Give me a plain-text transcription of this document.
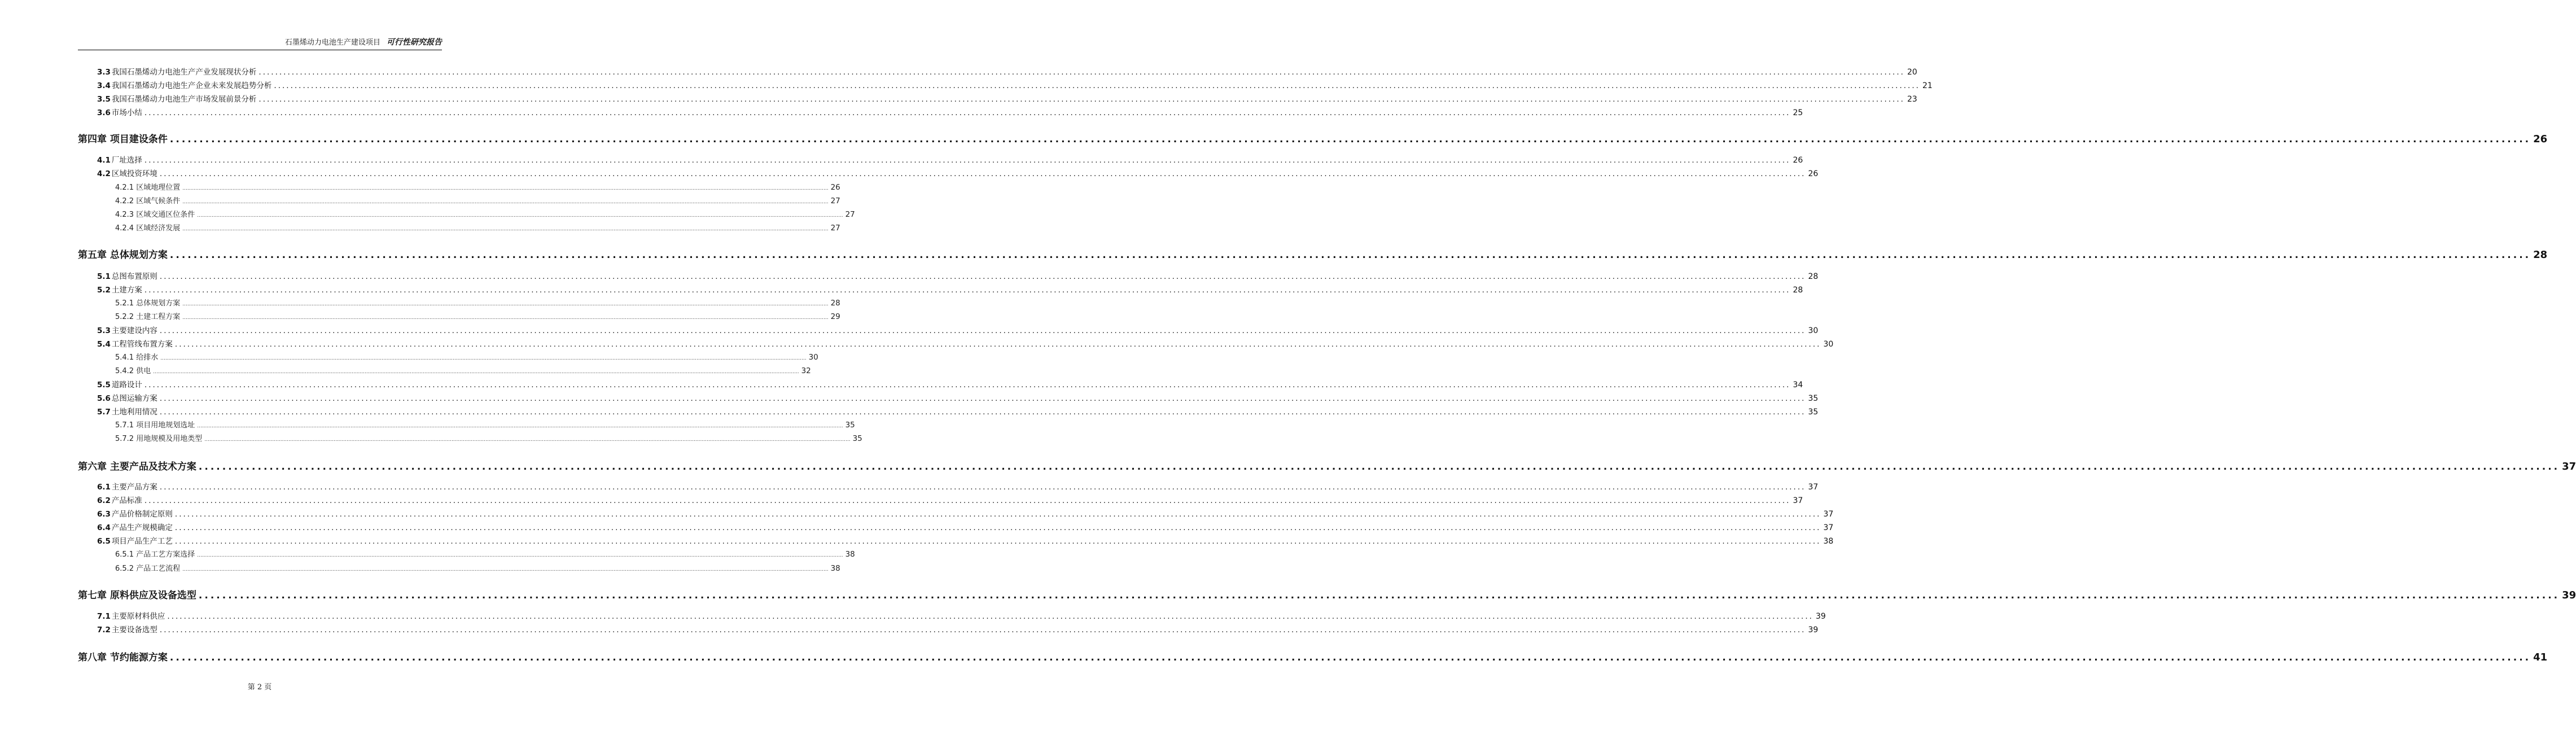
石墨烯动力电池生产建设项目 可行性研究报告
3.3 我国石墨烯动力电池生产产业发展现状分析 ................................................................................................................................................................................................................................................................................................................................................................................................................ 20
3.4 我国石墨烯动力电池生产企业未来发展趋势分析 ................................................................................................................................................................................................................................................................................................................................................................................................................ 21
3.5 我国石墨烯动力电池生产市场发展前景分析 ................................................................................................................................................................................................................................................................................................................................................................................................................ 23
3.6 市场小结 ................................................................................................................................................................................................................................................................................................................................................................................................................ 25
第四章 项目建设条件 ................................................................................................................................................................................................................................................................................................................................................................................................................ 26
4.1 厂址选择 ................................................................................................................................................................................................................................................................................................................................................................................................................ 26
4.2 区域投资环境 ................................................................................................................................................................................................................................................................................................................................................................................................................ 26
4.2.1 区域地理位置 ................................................................................................................................................................................................................................................................................................................................................................................................................ 26
4.2.2 区域气候条件 ................................................................................................................................................................................................................................................................................................................................................................................................................ 27
4.2.3 区域交通区位条件 ................................................................................................................................................................................................................................................................................................................................................................................................................ 27
4.2.4 区域经济发展 ................................................................................................................................................................................................................................................................................................................................................................................................................ 27
第五章 总体规划方案 ................................................................................................................................................................................................................................................................................................................................................................................................................ 28
5.1 总图布置原则 ................................................................................................................................................................................................................................................................................................................................................................................................................ 28
5.2 土建方案 ................................................................................................................................................................................................................................................................................................................................................................................................................ 28
5.2.1 总体规划方案 ................................................................................................................................................................................................................................................................................................................................................................................................................ 28
5.2.2 土建工程方案 ................................................................................................................................................................................................................................................................................................................................................................................................................ 29
5.3 主要建设内容 ................................................................................................................................................................................................................................................................................................................................................................................................................ 30
5.4 工程管线布置方案 ................................................................................................................................................................................................................................................................................................................................................................................................................ 30
5.4.1 给排水 ................................................................................................................................................................................................................................................................................................................................................................................................................ 30
5.4.2 供电 ................................................................................................................................................................................................................................................................................................................................................................................................................ 32
5.5 道路设计 ................................................................................................................................................................................................................................................................................................................................................................................................................ 34
5.6 总图运输方案 ................................................................................................................................................................................................................................................................................................................................................................................................................ 35
5.7 土地利用情况 ................................................................................................................................................................................................................................................................................................................................................................................................................ 35
5.7.1 项目用地规划选址 ................................................................................................................................................................................................................................................................................................................................................................................................................ 35
5.7.2 用地规模及用地类型 ................................................................................................................................................................................................................................................................................................................................................................................................................ 35
第六章 主要产品及技术方案 ................................................................................................................................................................................................................................................................................................................................................................................................................ 37
6.1 主要产品方案 ................................................................................................................................................................................................................................................................................................................................................................................................................ 37
6.2 产品标准 ................................................................................................................................................................................................................................................................................................................................................................................................................ 37
6.3 产品价格制定原则 ................................................................................................................................................................................................................................................................................................................................................................................................................ 37
6.4 产品生产规模确定 ................................................................................................................................................................................................................................................................................................................................................................................................................ 37
6.5 项目产品生产工艺 ................................................................................................................................................................................................................................................................................................................................................................................................................ 38
6.5.1 产品工艺方案选择 ................................................................................................................................................................................................................................................................................................................................................................................................................ 38
6.5.2 产品工艺流程 ................................................................................................................................................................................................................................................................................................................................................................................................................ 38
第七章 原料供应及设备选型 ................................................................................................................................................................................................................................................................................................................................................................................................................ 39
7.1 主要原材料供应 ................................................................................................................................................................................................................................................................................................................................................................................................................ 39
7.2 主要设备选型 ................................................................................................................................................................................................................................................................................................................................................................................................................ 39
第八章 节约能源方案 ................................................................................................................................................................................................................................................................................................................................................................................................................ 41
第 2 页
